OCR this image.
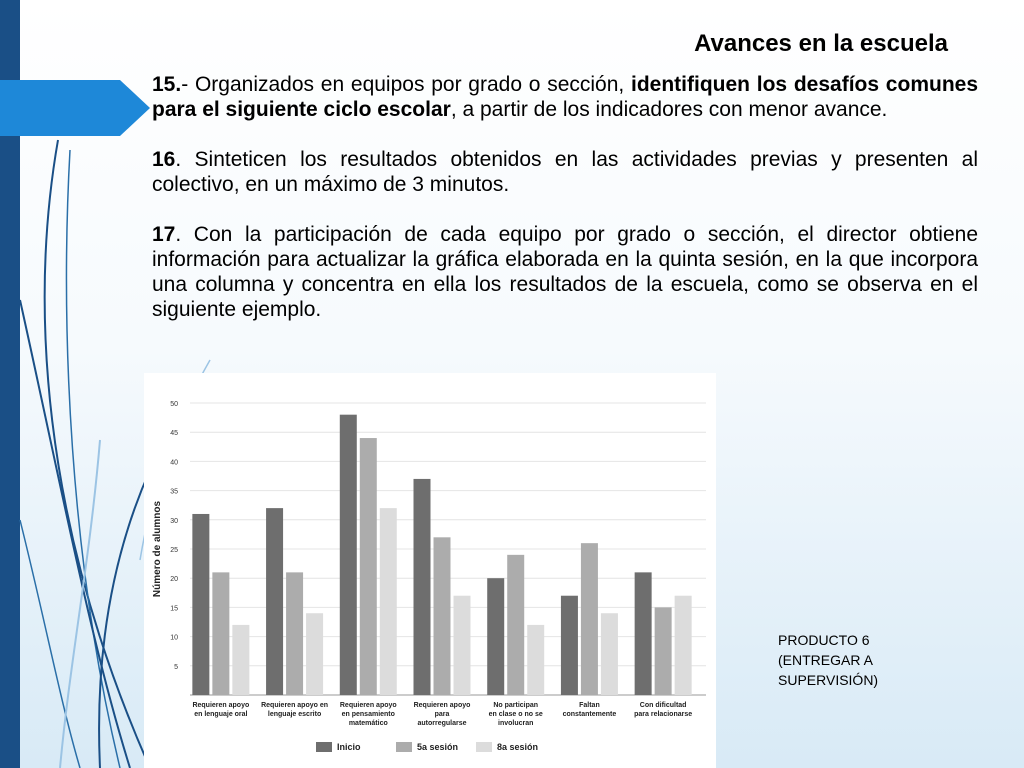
Avances en la escuela

15.- Organizados en equipos por grado o sección, identifiquen los desafíos comunes para el siguiente ciclo escolar, a partir de los indicadores con menor avance.

16. Sinteticen los resultados obtenidos en las actividades previas y presenten al colectivo, en un máximo de 3 minutos.

17. Con la participación de cada equipo por grado o sección, el director obtiene información para actualizar la gráfica elaborada en la quinta sesión, en la que incorpora una columna y concentra en ella los resultados de la escuela, como se observa en el siguiente ejemplo.

5
10
15
20
25
30
35
40
45
50
Número de alumnos
Requieren apoyo
en lenguaje oral
Requieren apoyo en
lenguaje escrito
Requieren apoyo
en pensamiento
matemático
Requieren apoyo
para
autorregularse
No participan
en clase o no se
involucran
Faltan
constantemente
Con dificultad
para relacionarse
Inicio	5a sesión	8a sesión
PRODUCTO 6
(ENTREGAR A
SUPERVISIÓN)
